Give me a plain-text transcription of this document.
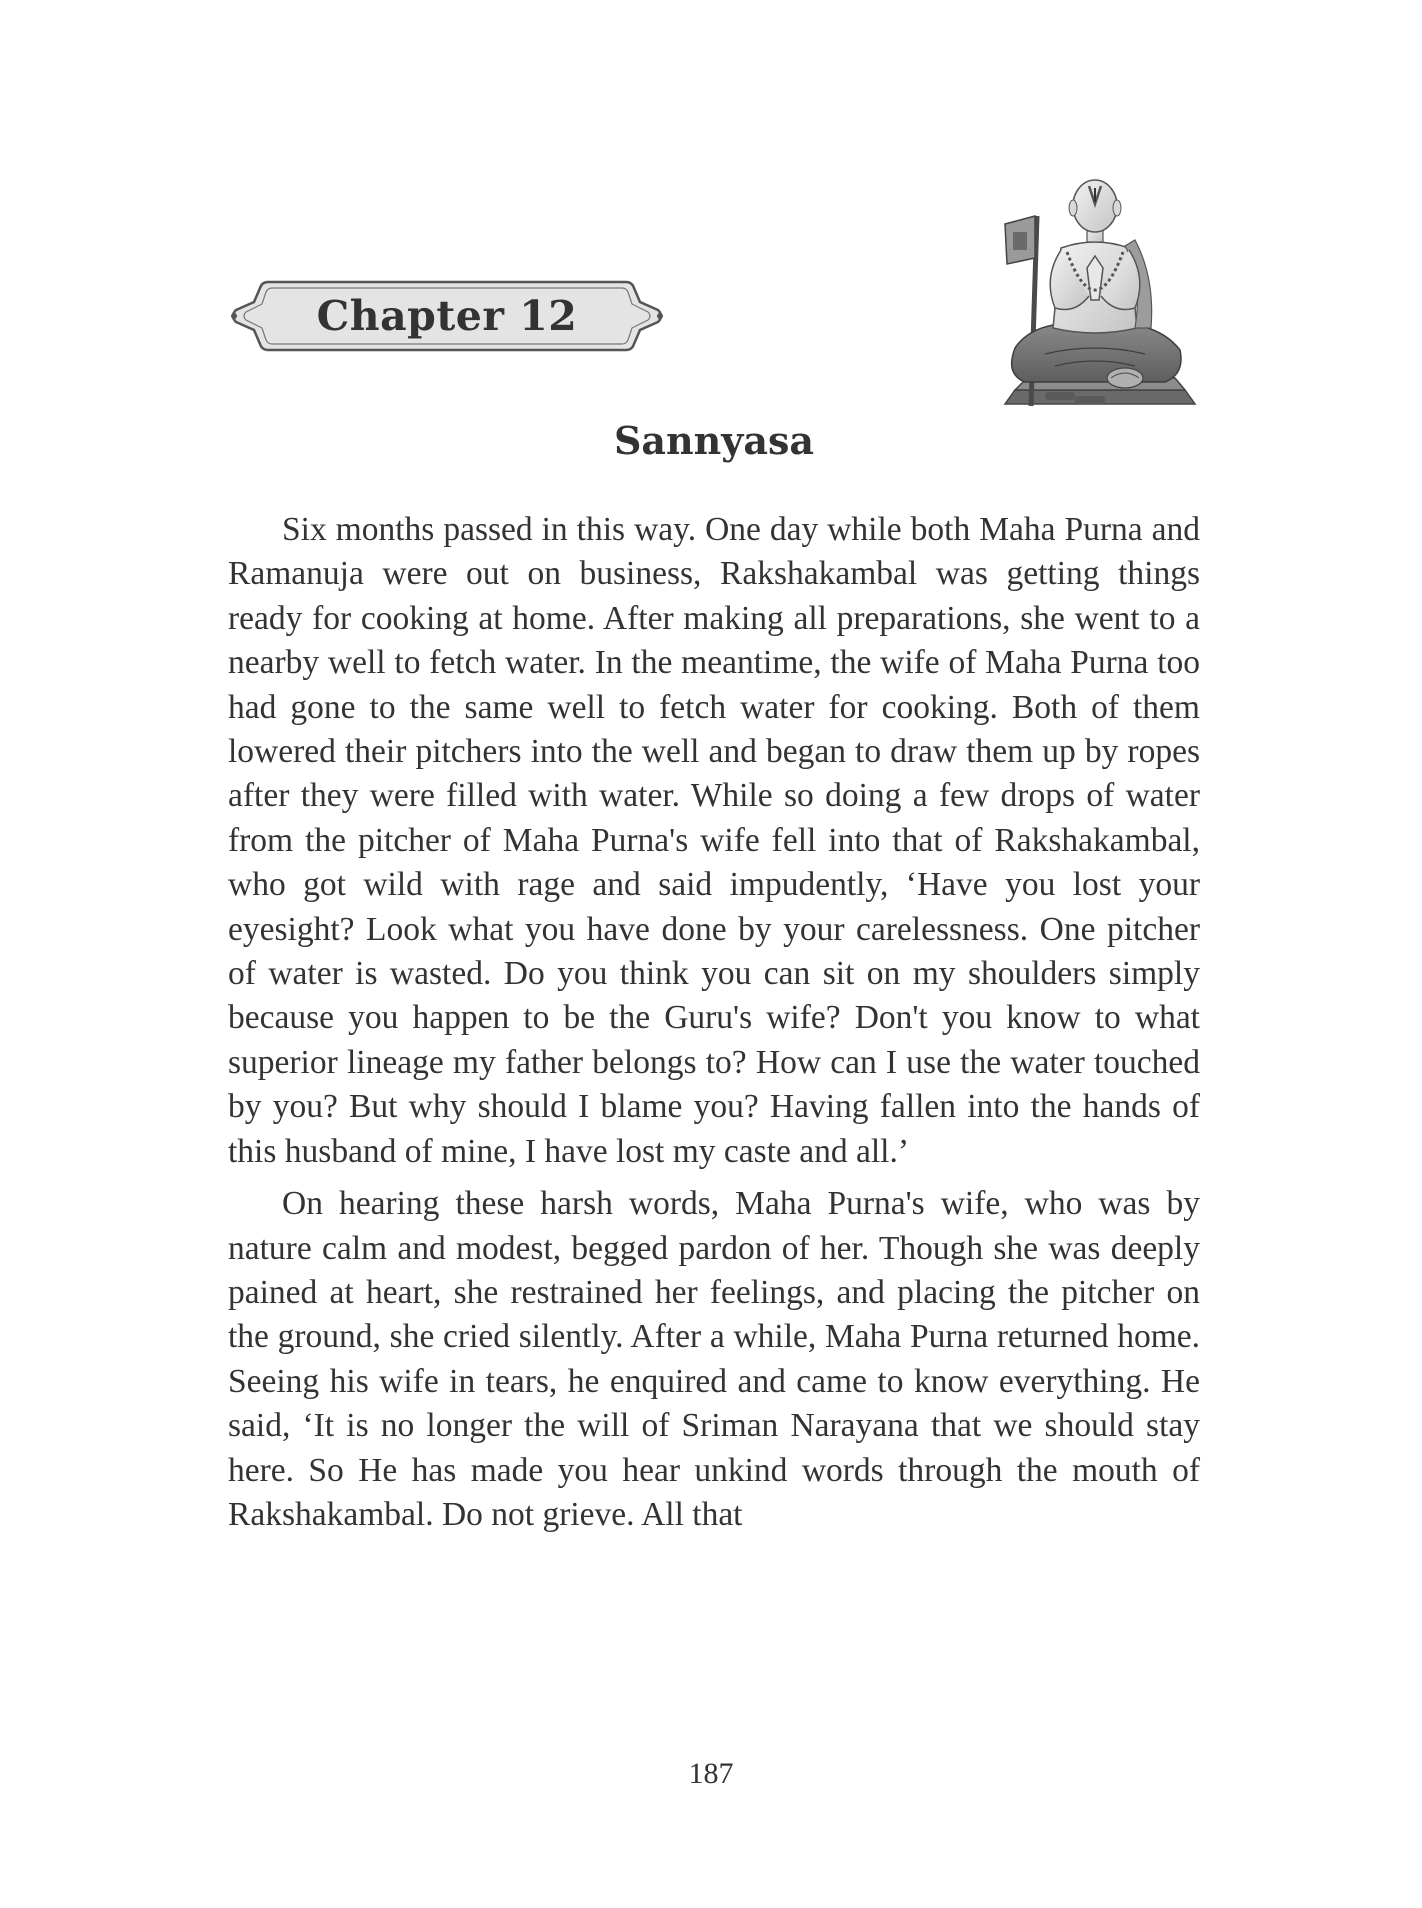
Chapter 12
Sannyasa

Six months passed in this way. One day while both Maha Purna and Ramanuja were out on business, Rakshakambal was getting things ready for cooking at home. After making all preparations, she went to a nearby well to fetch water. In the meantime, the wife of Maha Purna too had gone to the same well to fetch water for cooking. Both of them lowered their pitchers into the well and began to draw them up by ropes after they were filled with water. While so doing a few drops of water from the pitcher of Maha Purna's wife fell into that of Rakshakambal, who got wild with rage and said impudently, ‘Have you lost your eyesight? Look what you have done by your carelessness. One pitcher of water is wasted. Do you think you can sit on my shoulders simply because you happen to be the Guru's wife? Don't you know to what superior lineage my father belongs to? How can I use the water touched by you? But why should I blame you? Having fallen into the hands of this husband of mine, I have lost my caste and all.’

On hearing these harsh words, Maha Purna's wife, who was by nature calm and modest, begged pardon of her. Though she was deeply pained at heart, she restrained her feelings, and placing the pitcher on the ground, she cried silently. After a while, Maha Purna returned home. Seeing his wife in tears, he enquired and came to know everything. He said, ‘It is no longer the will of Sriman Narayana that we should stay here. So He has made you hear unkind words through the mouth of Rakshakambal. Do not grieve. All that

187
